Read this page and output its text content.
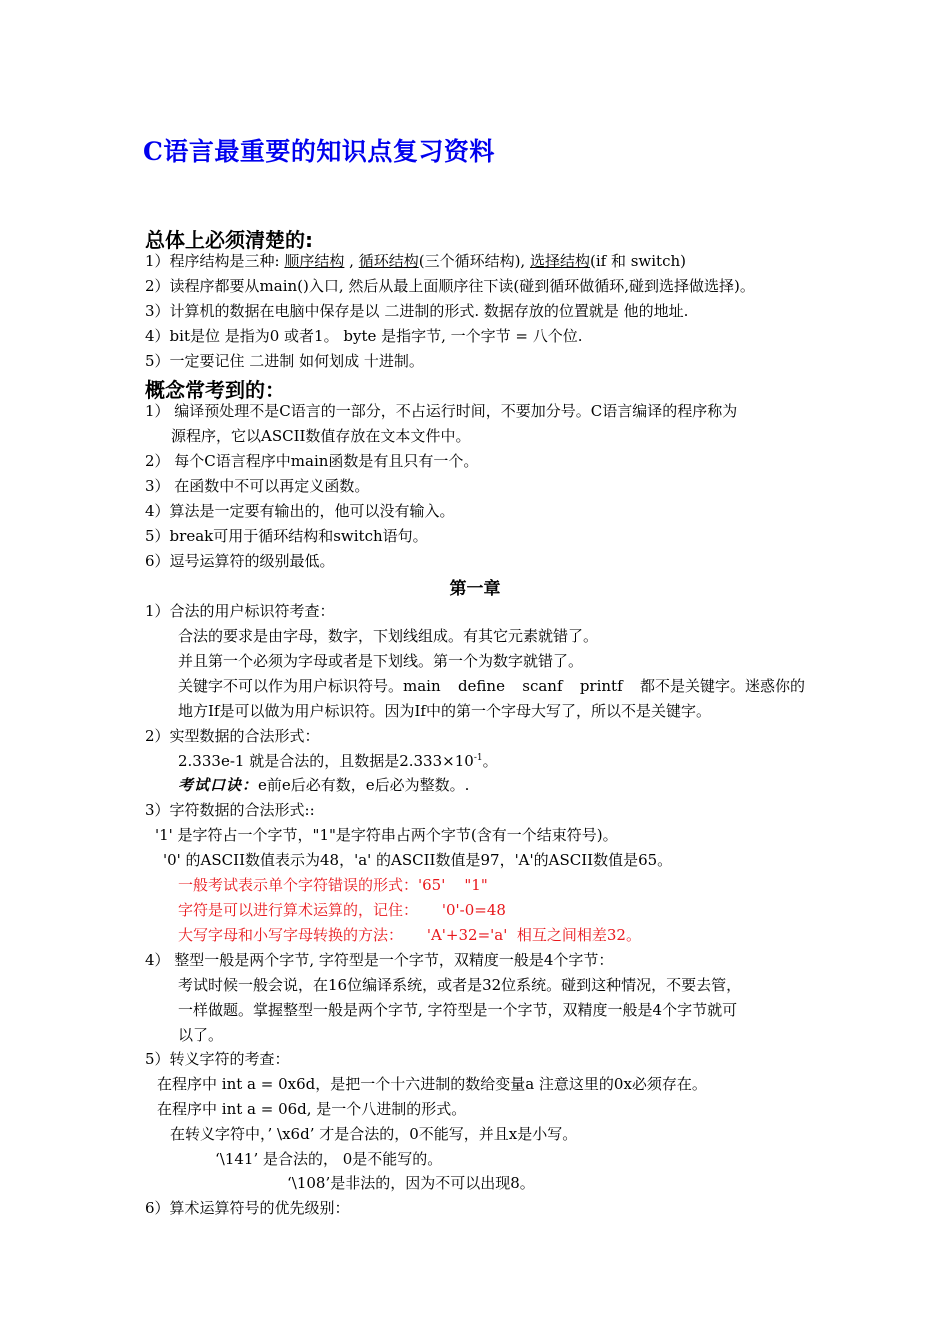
C语言最重要的知识点复习资料
总体上必须清楚的:
1）程序结构是三种: 顺序结构 , 循环结构(三个循环结构), 选择结构(if 和 switch)
2）读程序都要从main()入口, 然后从最上面顺序往下读(碰到循环做循环,碰到选择做选择)。
3）计算机的数据在电脑中保存是以 二进制的形式. 数据存放的位置就是 他的地址.
4）bit是位 是指为0 或者1。 byte 是指字节, 一个字节 = 八个位.
5）一定要记住 二进制 如何划成 十进制。
概念常考到的：
1） 编译预处理不是C语言的一部分，不占运行时间，不要加分号。C语言编译的程序称为
源程序，它以ASCII数值存放在文本文件中。
2） 每个C语言程序中main函数是有且只有一个。
3） 在函数中不可以再定义函数。
4）算法是一定要有输出的，他可以没有输入。
5）break可用于循环结构和switch语句。
6）逗号运算符的级别最低。
第一章
1）合法的用户标识符考查：
合法的要求是由字母，数字，下划线组成。有其它元素就错了。
并且第一个必须为字母或者是下划线。第一个为数字就错了。
关键字不可以作为用户标识符号。main define scanf printf 都不是关键字。迷惑你的
地方If是可以做为用户标识符。因为If中的第一个字母大写了，所以不是关键字。
2）实型数据的合法形式：
2.333e-1 就是合法的，且数据是$2.333\times 10^{-1}$。
考试口诀：e前e后必有数，e后必为整数。.
3）字符数据的合法形式::
'1' 是字符占一个字节，"1"是字符串占两个字节(含有一个结束符号)。
'0' 的ASCII数值表示为48，'a' 的ASCII数值是97，'A'的ASCII数值是65。
一般考试表示单个字符错误的形式：'65'    "1"
字符是可以进行算术运算的，记住：     '0'-0=48
大写字母和小写字母转换的方法：     'A'+32='a'  相互之间相差32。
4） 整型一般是两个字节, 字符型是一个字节，双精度一般是4个字节：
考试时候一般会说，在16位编译系统，或者是32位系统。碰到这种情况，不要去管，
一样做题。掌握整型一般是两个字节, 字符型是一个字节，双精度一般是4个字节就可
以了。
5）转义字符的考查：
在程序中 int a = 0x6d，是把一个十六进制的数给变量a 注意这里的0x必须存在。
在程序中 int a = 06d, 是一个八进制的形式。
在转义字符中，’ \x6d’ 才是合法的，0不能写，并且x是小写。
‘\141’ 是合法的， 0是不能写的。
‘\108’是非法的，因为不可以出现8。
6）算术运算符号的优先级别：
